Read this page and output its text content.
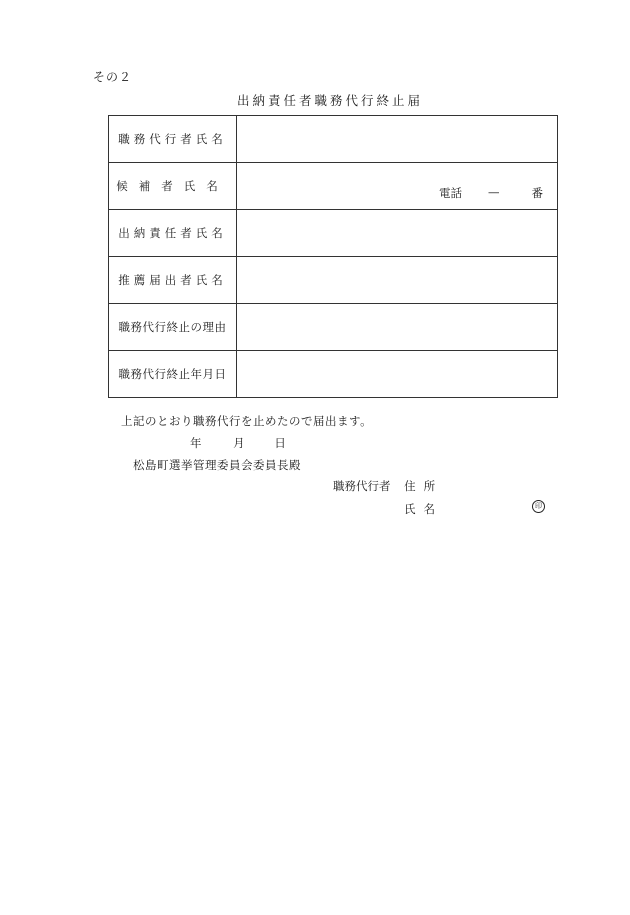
その２
出納責任者職務代行終止届
職務代行者氏名	
候補者氏名	電話 — 番

出納責任者氏名	
推薦届出者氏名	
職務代行終止の理由	
職務代行終止年月日	
上記のとおり職務代行を止めたので届出ます。
年	月	日
松島町選挙管理委員会委員長殿
職務代行者 住所
氏名	印
